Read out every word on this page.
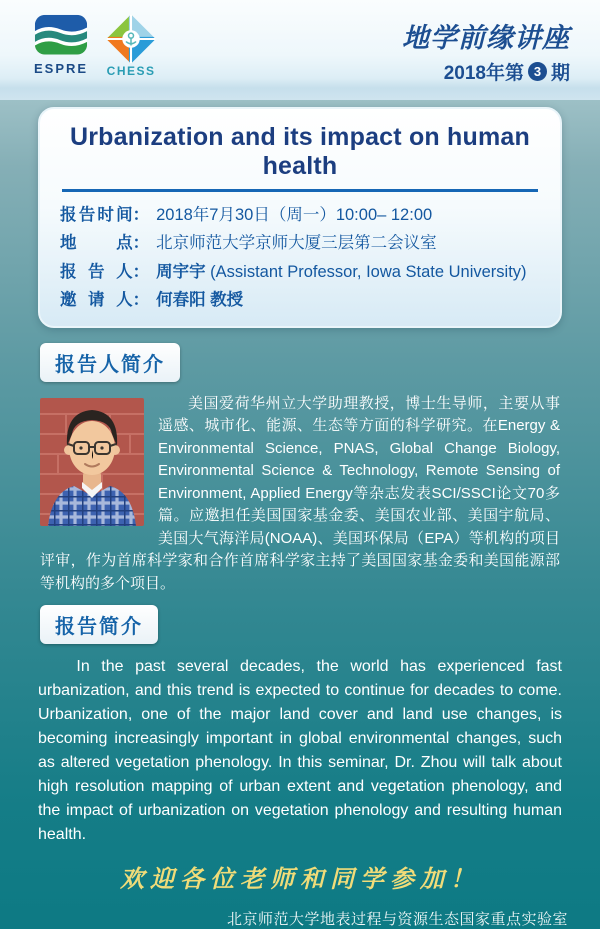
ESPRE CHESS
地学前缘讲座
2018年第 3 期
Urbanization and its impact on human health
报告时间： 2018年7月30日（周一）10:00– 12:00
地点： 北京师范大学京师大厦三层第二会议室
报告人： 周宇宇 (Assistant Professor, Iowa State University)
邀请人： 何春阳 教授
报告人简介

美国爱荷华州立大学助理教授，博士生导师，主要从事遥感、城市化、能源、生态等方面的科学研究。在Energy & Environmental Science, PNAS, Global Change Biology, Environmental Science & Technology, Remote Sensing of Environment, Applied Energy等杂志发表SCI/SSCI论文70多篇。应邀担任美国国家基金委、美国农业部、美国宇航局、美国大气海洋局(NOAA)、美国环保局（EPA）等机构的项目评审，作为首席科学家和合作首席科学家主持了美国国家基金委和美国能源部等机构的多个项目。

报告简介

In the past several decades, the world has experienced fast urbanization, and this trend is expected to continue for decades to come. Urbanization, one of the major land cover and land use changes, is becoming increasingly important in global environmental changes, such as altered vegetation phenology. In this seminar, Dr. Zhou will talk about high resolution mapping of urban extent and vegetation phenology, and the impact of urbanization on vegetation phenology and resulting human health.

欢迎各位老师和同学参加！
北京师范大学地表过程与资源生态国家重点实验室
